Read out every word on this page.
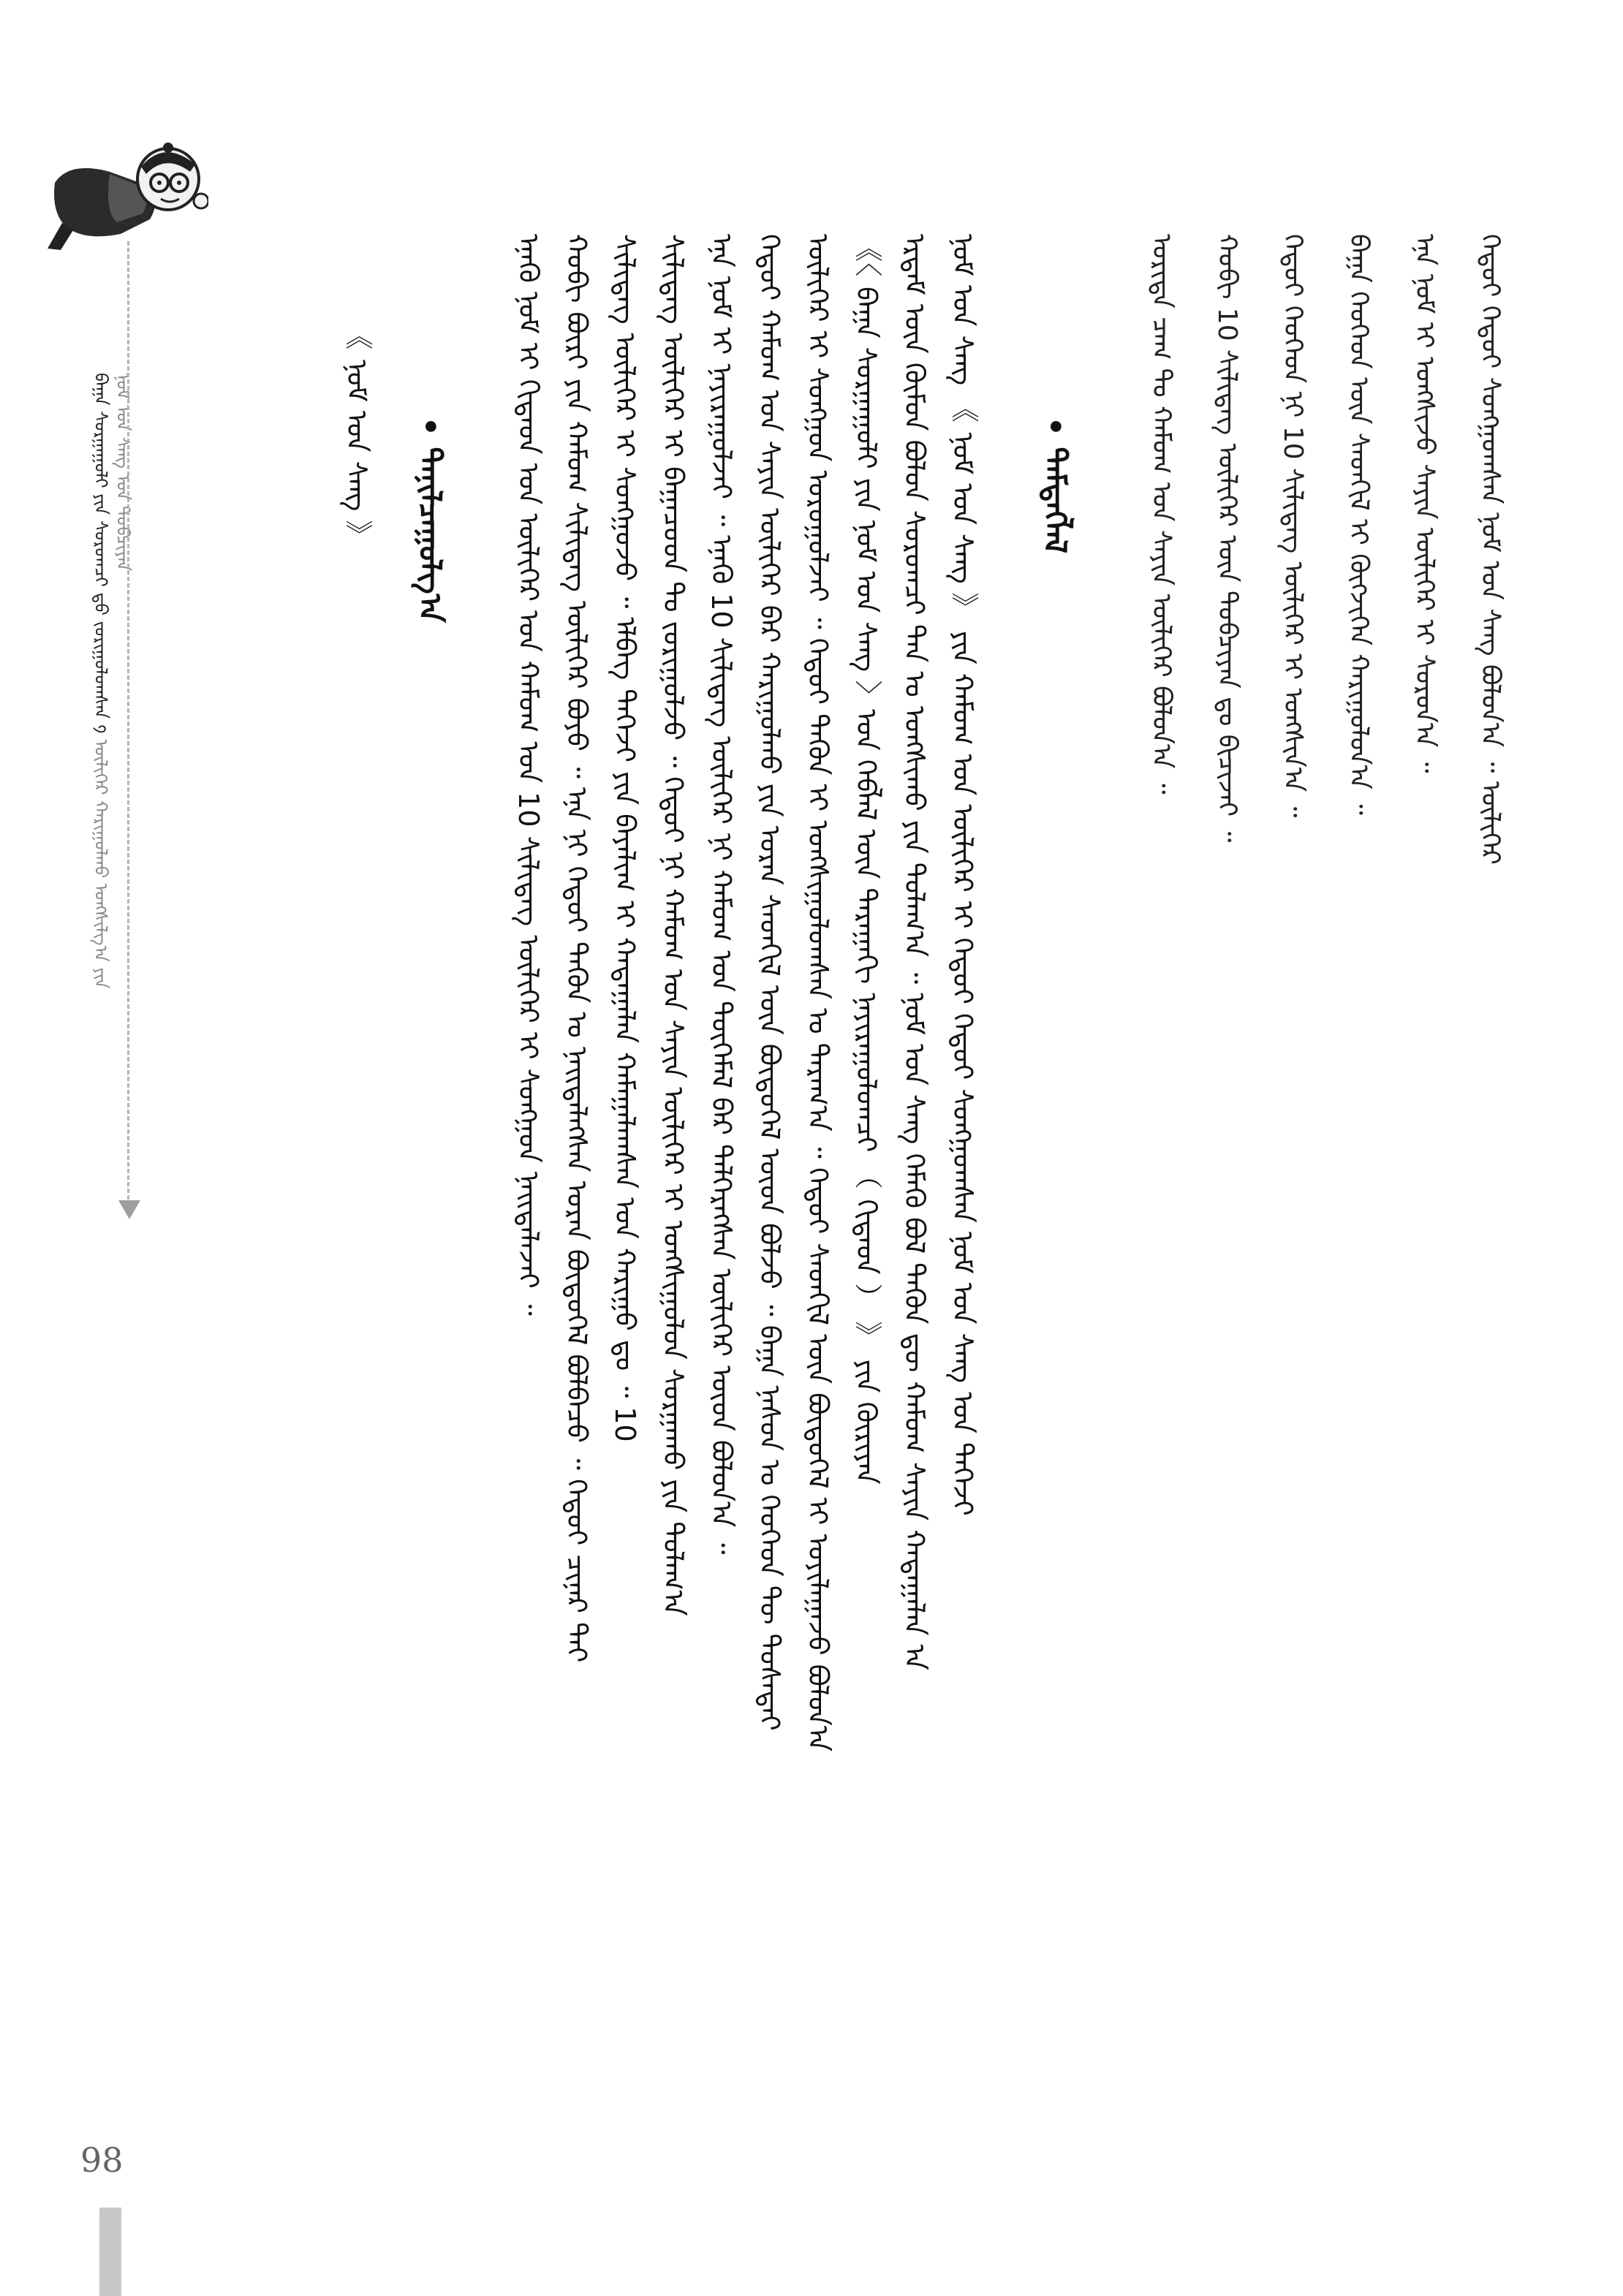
ᠪᠠᠭᠠ ᠰᠤᠷᠭᠠᠭᠤᠯᠢ ᠶᠢᠨ ᠰᠤᠷᠤᠭᠴᠢ ᠳ᠋ᠤ ᠵᠣᠷᠢᠭᠤᠯᠤᠭᠰᠠᠨ ᠀ ᠦᠯᠢᠭᠡᠷ ᠬᠠᠷᠢᠭᠤᠯᠬᠤ ᠤᠩᠰᠢᠯᠭ᠎ᠠ ᠶᠢᠨ ᠨᠣᠮ ᠤᠨ ᠰᠠᠩ ᠤᠨ ᠲᠣᠪᠴᠢᠶᠠᠨ
98
《 ᠨᠣᠮ ᠤᠨ ᠰᠠᠩ 》 • ᠲᠠᠨᠢᠯᠴᠠᠭᠤᠯᠭ᠎ᠠ ᠡᠨᠡᠬᠦ ᠨᠣᠮ ᠢ ᠬᠢᠲᠠᠳ ᠤᠨ ᠦᠯᠢᠭᠡᠷ ᠤᠨ ᠬᠠᠮᠤᠭ ᠤᠨ 10 ᠰᠢᠯᠢᠳᠡᠭ ᠦᠯᠢᠭᠡᠷ ᠢ ᠰᠣᠩᠭᠣᠨ ᠨᠡᠢᠲᠡᠯᠡᠵᠡᠢ ᠃ ᠬᠤᠪᠢ ᠪᠦᠷᠢ ᠶᠢᠨ ᠬᠠᠮᠤᠭ ᠰᠢᠯᠢᠳᠡᠭ ᠦᠯᠢᠭᠡᠷ ᠪᠤᠶᠤ ᠃ ᠡᠨᠡ ᠨᠢ ᠬᠡᠳᠦᠢ ᠲᠡᠭᠦᠨ ᠤ ᠨᠡᠢᠲᠡᠯᠡᠭᠰᠡᠨ ᠤᠷᠠᠨ ᠪᠦᠲᠦᠭᠡᠯ ᠪᠣᠯᠪᠠᠴᠤ ᠃ ᠬᠡᠳᠦᠢ ᠴᠢᠨᠠᠷ ᠲᠠᠢ ᠰᠢᠯᠢᠳᠡᠭ ᠦᠯᠢᠭᠡᠷ ᠢ ᠰᠣᠩᠭᠣᠵᠤ ᠃ ᠡᠯᠪᠡᠭ ᠳᠡᠭᠡᠵᠢ ᠶᠢᠨ ᠪᠠᠶᠠᠯᠢᠭ ᠢ ᠬᠠᠳᠠᠭᠠᠯᠠᠨ ᠬᠠᠮᠠᠭᠠᠯᠠᠭᠰᠠᠨ ᠤᠨ ᠬᠠᠷᠢᠭᠤ ᠳᠤ ᠃ 10 ᠰᠢᠯᠢᠳᠡᠭ ᠦᠯᠢᠭᠡᠷ ᠢ ᠪᠠᠭᠠᠴᠤᠳ ᠲᠤ ᠵᠣᠷᠢᠭᠤᠯᠵᠤ ᠃ ᠬᠡᠳᠦᠢ ᠨᠢ ᠬᠠᠮᠤᠭ ᠤᠨ ᠰᠠᠶᠢᠨ ᠦᠯᠢᠭᠡᠷ ᠢ ᠤᠩᠰᠢᠭᠤᠯᠤᠨ ᠰᠤᠷᠭᠠᠬᠤ ᠶᠢᠨ ᠲᠤᠯᠠᠭ᠎ᠠ ᠡᠨᠡ ᠨᠣᠮ ᠢ ᠨᠠᠶᠢᠷᠠᠭᠤᠯᠵᠠᠢ ᠃ ᠡᠨᠡᠬᠦ 10 ᠰᠢᠯᠢᠳᠡᠭ ᠦᠯᠢᠭᠡᠷ ᠨᠢ ᠬᠠᠮᠤᠭ ᠤᠨ ᠲᠦᠭᠡᠮᠡᠯ ᠪᠡᠷ ᠳᠡᠯᠭᠡᠷᠡᠭᠰᠡᠨ ᠦᠯᠢᠭᠡᠷ ᠦᠳ ᠪᠣᠯᠤᠨ᠎ᠠ ᠃ ᠬᠡᠳᠦᠢ ᠬᠠᠮᠤᠭ ᠤᠨ ᠰᠠᠶᠢᠨ ᠦᠯᠢᠭᠡᠷ ᠪᠠᠷ ᠬᠠᠷᠢᠭᠤᠯᠬᠤ ᠶᠢᠨ ᠤᠷᠠᠨ ᠰᠡᠳᠭᠢᠯ ᠦᠨ ᠪᠦᠲᠦᠭᠡᠯ ᠦᠳ ᠪᠣᠯᠵᠤ ᠃ ᠪᠠᠭᠠ ᠨᠠᠰᠤᠨ ᠤ ᠬᠡᠦᠬᠡᠳ ᠲᠦ ᠲᠤᠰᠠᠳᠠᠢ ᠦᠯᠢᠭᠡᠷ ᠢ ᠰᠣᠩᠭᠣᠨ ᠣᠷᠣᠭᠤᠯᠵᠠᠢ ᠃ ᠬᠡᠳᠦᠢ ᠲᠡᠭᠦᠨ ᠢ ᠤᠩᠰᠢᠭᠤᠯᠤᠭᠰᠠᠨ ᠤ ᠳᠠᠷᠠᠭ᠎ᠠ ᠃ ᠬᠡᠳᠦᠢ ᠰᠡᠳᠬᠢᠯ ᠦᠨ ᠪᠦᠲᠦᠭᠡᠯ ᠢ ᠣᠶᠢᠯᠠᠭᠠᠵᠤ ᠪᠣᠯᠤᠨ᠎ᠠ 《〈 ᠪᠠᠭᠠ ᠰᠤᠷᠭᠠᠭᠤᠯᠢ ᠶᠢᠨ ᠨᠣᠮ ᠤᠨ ᠰᠠᠩ 〉ᠤᠨ ᠬᠡᠪᠯᠡᠯ ᠦᠨ ᠳᠠᠷᠠᠭᠠᠬᠢ ᠨᠠᠶᠢᠷᠠᠭᠤᠯᠤᠭᠴᠢ （ ᠬᠢᠲᠠᠳ ） 》 ᠶᠢᠨ ᠬᠦᠷᠢᠶᠡᠨ ᠡᠷᠳᠡᠮ ᠦᠨ ᠬᠦᠮᠦᠨ ᠪᠣᠯᠤᠨ ᠰᠤᠷᠤᠭᠴᠢ ᠲᠠᠨ ᠤ ᠤᠩᠰᠢᠬᠤ ᠶᠢᠨ ᠲᠤᠯᠠᠭ᠎ᠠ ᠃ ᠨᠣᠮ ᠤᠨ ᠰᠠᠩ ᠬᠡᠮᠡᠬᠦ ᠪᠤᠯ ᠲᠡᠭᠦᠨ ᠳᠦ ᠬᠠᠮᠤᠭ ᠰᠠᠶᠢᠨ ᠬᠠᠳᠠᠭᠠᠯᠠᠨ ᠠ ᠨᠣᠮ ᠤᠨ ᠰᠠᠩ 《 ᠨᠣᠮ ᠤᠨ ᠰᠠᠩ 》 ᠶᠢᠨ ᠬᠠᠮᠤᠭ ᠤᠨ ᠦᠯᠢᠭᠡᠷ ᠢ ᠬᠡᠳᠦᠢ ᠬᠡᠳᠦᠢ ᠰᠣᠩᠭᠣᠭᠰᠠᠨ ᠨᠣᠮ ᠤᠨ ᠰᠠᠩ ᠤᠨ ᠳᠡᠭᠡᠵᠢ • ᠲᠡᠮᠳᠡᠭᠯᠡᠯ	ᠤᠷᠢᠳᠠ ᠴᠠᠭ ᠲᠤ ᠬᠠᠮᠤᠭ ᠤᠨ ᠰᠠᠶᠢᠨ ᠦᠯᠢᠭᠡᠷ ᠪᠤᠯᠤᠨ᠎ᠠ ᠃ ᠬᠤᠪᠢ 10 ᠰᠢᠯᠢᠳᠡᠭ ᠦᠯᠢᠭᠡᠷ ᠦᠨ ᠲᠣᠪᠴᠢᠶᠠᠨ ᠳᠤ ᠪᠢᠴᠢᠵᠡᠢ ᠃ ᠬᠡᠳᠦᠢ ᠬᠡᠦᠬᠡᠳ ᠨᠢ 10 ᠰᠢᠯᠢᠳᠡᠭ ᠦᠯᠢᠭᠡᠷ ᠢ ᠤᠩᠰᠢᠨ᠎ᠠ ᠃ ᠪᠠᠭᠠ ᠬᠡᠦᠬᠡᠳ ᠦᠨ ᠰᠡᠳᠬᠢᠯ ᠢ ᠬᠦᠭᠵᠢᠭᠡᠨ ᠬᠠᠷᠢᠭᠤᠯᠤᠨ᠎ᠠ ᠃ ᠡᠨᠡ ᠨᠣᠮ ᠢ ᠤᠩᠰᠢᠵᠤ ᠰᠠᠶᠢᠨ ᠦᠯᠢᠭᠡᠷ ᠢ ᠰᠤᠷᠤᠨ᠎ᠠ ᠃ ᠬᠡᠳᠦᠢ ᠬᠡᠳᠦᠢ ᠰᠣᠩᠭᠣᠭᠰᠠᠨ ᠨᠣᠮ ᠤᠨ ᠰᠠᠩ ᠪᠤᠯᠤᠨ᠎ᠠ ᠃ ᠦᠯᠢᠭᠡᠷ
